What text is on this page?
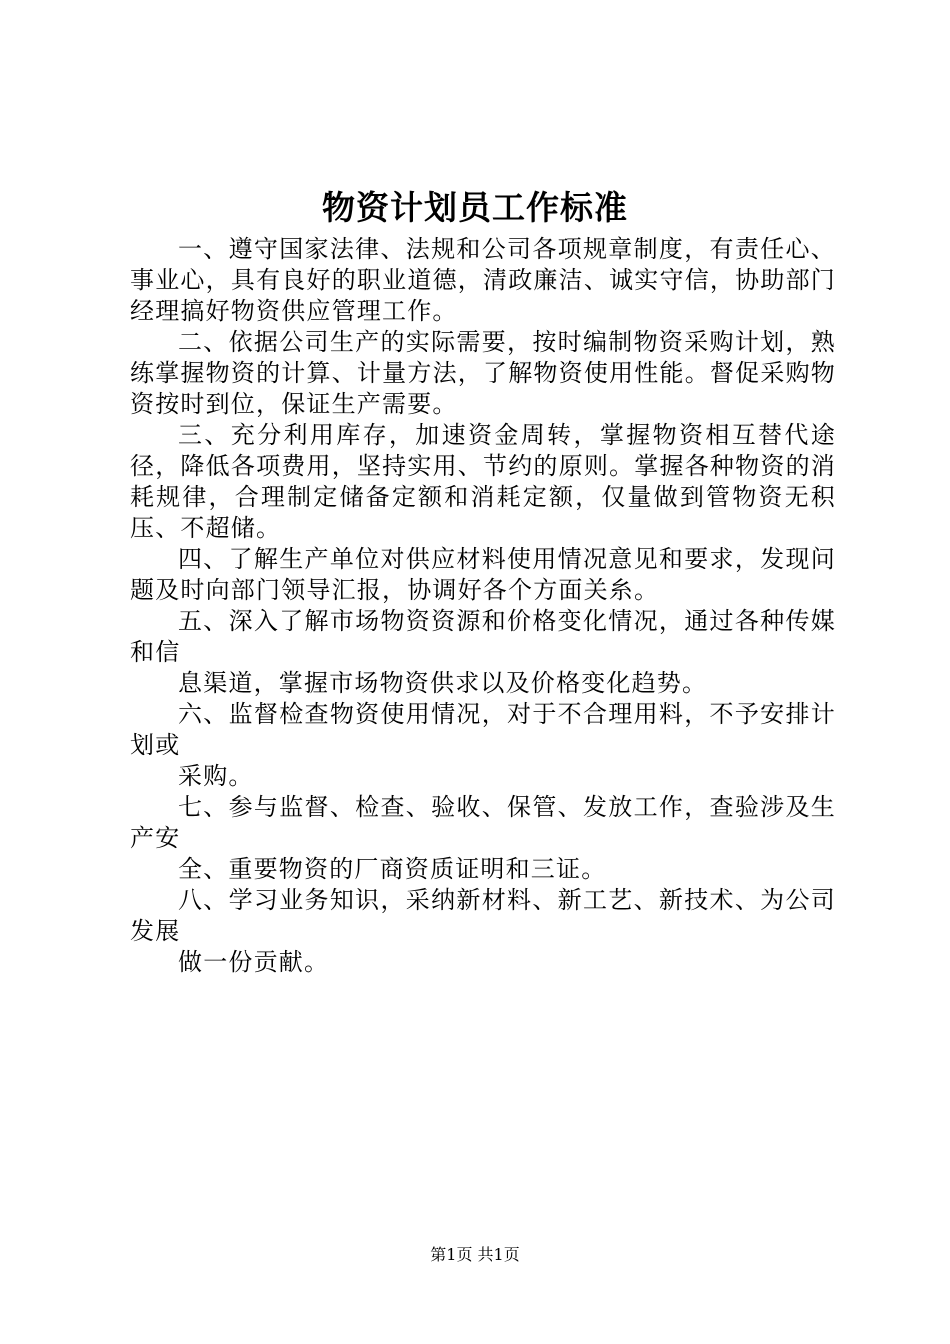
物资计划员工作标准

一、遵守国家法律、法规和公司各项规章制度，有责任心、事业心，具有良好的职业道德，清政廉洁、诚实守信，协助部门经理搞好物资供应管理工作。

二、依据公司生产的实际需要，按时编制物资采购计划，熟练掌握物资的计算、计量方法，了解物资使用性能。督促采购物资按时到位，保证生产需要。

三、充分利用库存，加速资金周转，掌握物资相互替代途径，降低各项费用，坚持实用、节约的原则。掌握各种物资的消耗规律，合理制定储备定额和消耗定额，仅量做到管物资无积压、不超储。

四、了解生产单位对供应材料使用情况意见和要求，发现问题及时向部门领导汇报，协调好各个方面关糸。

五、深入了解市场物资资源和价格变化情况，通过各种传媒和信

息渠道，掌握市场物资供求以及价格变化趋势。

六、监督检查物资使用情况，对于不合理用料，不予安排计划或

采购。

七、参与监督、检查、验收、保管、发放工作，查验涉及生产安

全、重要物资的厂商资质证明和三证。

八、学习业务知识，采纳新材料、新工艺、新技术、为公司发展

做一份贡献。

第1页 共1页
